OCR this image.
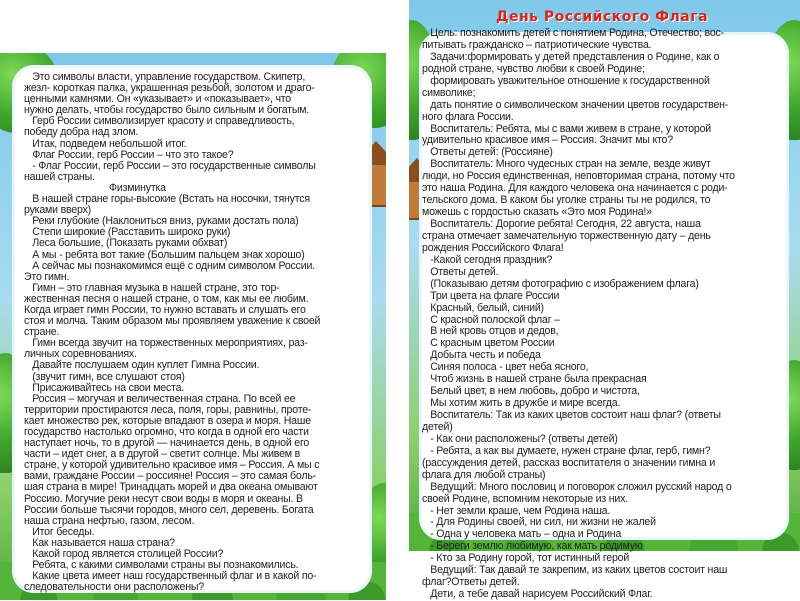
День Российского Флага
Это символы власти, управление государством. Скипетр,
жезл- короткая палка, украшенная резьбой, золотом и драго-
ценными камнями. Он «указывает» и «показывает», что
нужно делать, чтобы государство было сильным и богатым.
Герб России символизирует красоту и справедливость,
победу добра над злом.
Итак, подведем небольшой итог.
Флаг России, герб России – что это такое?
- Флаг России, герб России – это государственные символы
нашей страны.
Физминутка
В нашей стране горы-высокие (Встать на носочки, тянутся
руками вверх)
Реки глубокие (Наклониться вниз, руками достать пола)
Степи широкие (Расставить широко руки)
Леса большие, (Показать руками обхват)
А мы - ребята вот такие (Большим пальцем знак хорошо)
А сейчас мы познакомимся ещё с одним символом России.
Это гимн.
Гимн – это главная музыка в нашей стране, это тор-
жественная песня о нашей стране, о том, как мы ее любим.
Когда играет гимн России, то нужно вставать и слушать его
стоя и молча. Таким образом мы проявляем уважение к своей
стране.
Гимн всегда звучит на торжественных мероприятиях, раз-
личных соревнованиях.
Давайте послушаем один куплет Гимна России.
(звучит гимн, все слушают стоя)
Присаживайтесь на свои места.
Россия – могучая и величественная страна. По всей ее
территории простираются леса, поля, горы, равнины, проте-
кает множество рек, которые впадают в озера и моря. Наше
государство настолько огромно, что когда в одной его части
наступает ночь, то в другой — начинается день, в одной его
части – идет снег, а в другой – светит солнце. Мы живем в
стране, у которой удивительно красивое имя – Россия. А мы с
вами, граждане России – россияне! Россия – это самая боль-
шая страна в мире! Тринадцать морей и два океана омывают
Россию. Могучие реки несут свои воды в моря и океаны. В
России больше тысячи городов, много сел, деревень. Богата
наша страна нефтью, газом, лесом.
Итог беседы.
Как называется наша страна?
Какой город является столицей России?
Ребята, с какими символами страны вы познакомились.
Какие цвета имеет наш государственный флаг и в какой по-
следовательности они расположены?
Цель: познакомить детей с понятием Родина, Отечество; вос-
питывать гражданско – патриотические чувства.
Задачи:формировать у детей представления о Родине, как о
родной стране, чувство любви к своей Родине;
формировать уважительное отношение к государственной
символике;
дать понятие о символическом значении цветов государствен-
ного флага России.
Воспитатель: Ребята, мы с вами живем в стране, у которой
удивительно красивое имя – Россия. Значит мы кто?
Ответы детей: (Россияне)
Воспитатель: Много чудесных стран на земле, везде живут
люди, но Россия единственная, неповторимая страна, потому что
это наша Родина. Для каждого человека она начинается с роди-
тельского дома. В каком бы уголке страны ты не родился, то
можешь с гордостью сказать «Это моя Родина!»
Воспитатель: Дорогие ребята! Сегодня, 22 августа, наша
страна отмечает замечательную торжественную дату – день
рождения Российского Флага!
-Какой сегодня праздник?
Ответы детей.
(Показываю детям фотографию с изображением флага)
Три цвета на флаге России
Красный, белый, синий)
С красной полоской флаг –
В ней кровь отцов и дедов,
С красным цветом России
Добыта честь и победа
Синяя полоса - цвет неба ясного,
Чтоб жизнь в нашей стране была прекрасная
Белый цвет, в нем любовь, добро и чистота,
Мы хотим жить в дружбе и мире всегда.
Воспитатель: Так из каких цветов состоит наш флаг? (ответы
детей)
- Как они расположены? (ответы детей)
- Ребята, а как вы думаете, нужен стране флаг, герб, гимн?
(рассуждения детей, рассказ воспитателя о значении гимна и
флага для любой страны)
Ведущий: Много пословиц и поговорок сложил русский народ о
своей Родине, вспомним некоторые из них.
- Нет земли краше, чем Родина наша.
- Для Родины своей, ни сил, ни жизни не жалей
- Одна у человека мать – одна и Родина
- Береги землю любимую, как мать родимую
- Кто за Родину горой, тот истинный герой
Ведущий: Так давай те закрепим, из каких цветов состоит наш
флаг?Ответы детей.
Дети, а тебе давай нарисуем Российский Флаг.
